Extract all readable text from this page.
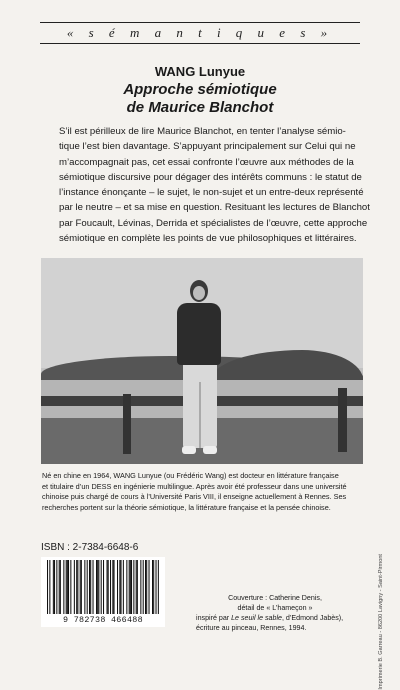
« s é m a n t i q u e s »
WANG Lunyue
Approche sémiotique
de Maurice Blanchot
S’il est périlleux de lire Maurice Blanchot, en tenter l’analyse sémio-
tique l’est bien davantage. S’appuyant principalement sur Celui qui ne
m’accompagnait pas, cet essai confronte l’œuvre aux méthodes de la
sémiotique discursive pour dégager des intérêts communs : le statut de
l’instance énonçante – le sujet, le non-sujet et un entre-deux représenté
par le neutre – et sa mise en question. Resituant les lectures de Blanchot
par Foucault, Lévinas, Derrida et spécialistes de l’œuvre, cette approche
sémiotique en complète les points de vue philosophiques et littéraires.
Né en chine en 1964, WANG Lunyue (ou Frédéric Wang) est docteur en littérature française
et titulaire d’un DESS en ingénierie multilingue. Après avoir été professeur dans une université
chinoise puis chargé de cours à l’Université Paris VIII, il enseigne actuellement à Rennes. Ses
recherches portent sur la théorie sémiotique, la littérature française et la pensée chinoise.
ISBN : 2-7384-6648-6
9 782738 466488
Couverture : Catherine Denis,
détail de « L’hameçon »
inspiré par Le seuil le sable, d’Edmond Jabès),
écriture au pinceau, Rennes, 1994.	Imprimerie B. Garreau - 86200 Lavigny - Saint-Pirmont
